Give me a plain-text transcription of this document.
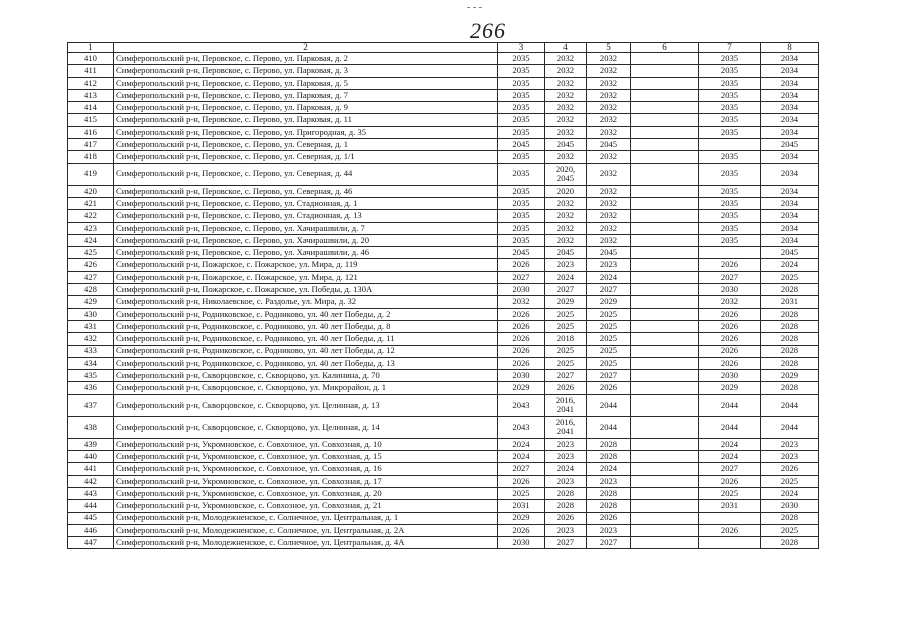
- - -
266
1	2	3	4	5	6	7	8
410	Симферопольский р-н, Перовское, с. Перово, ул. Парковая, д. 2	2035	2032	2032		2035	2034
411	Симферопольский р-н, Перовское, с. Перово, ул. Парковая, д. 3	2035	2032	2032		2035	2034
412	Симферопольский р-н, Перовское, с. Перово, ул. Парковая, д. 5	2035	2032	2032		2035	2034
413	Симферопольский р-н, Перовское, с. Перово, ул. Парковая, д. 7	2035	2032	2032		2035	2034
414	Симферопольский р-н, Перовское, с. Перово, ул. Парковая, д. 9	2035	2032	2032		2035	2034
415	Симферопольский р-н, Перовское, с. Перово, ул. Парковая, д. 11	2035	2032	2032		2035	2034
416	Симферопольский р-н, Перовское, с. Перово, ул. Пригородная, д. 35	2035	2032	2032		2035	2034
417	Симферопольский р-н, Перовское, с. Перово, ул. Северная, д. 1	2045	2045	2045			2045
418	Симферопольский р-н, Перовское, с. Перово, ул. Северная, д. 1/1	2035	2032	2032		2035	2034
419	Симферопольский р-н, Перовское, с. Перово, ул. Северная, д. 44	2035	2020,
2045	2032		2035	2034
420	Симферопольский р-н, Перовское, с. Перово, ул. Северная, д. 46	2035	2020	2032		2035	2034
421	Симферопольский р-н, Перовское, с. Перово, ул. Стадионная, д. 1	2035	2032	2032		2035	2034
422	Симферопольский р-н, Перовское, с. Перово, ул. Стадионная, д. 13	2035	2032	2032		2035	2034
423	Симферопольский р-н, Перовское, с. Перово, ул. Хачирашвили, д. 7	2035	2032	2032		2035	2034
424	Симферопольский р-н, Перовское, с. Перово, ул. Хачирашвили, д. 20	2035	2032	2032		2035	2034
425	Симферопольский р-н, Перовское, с. Перово, ул. Хачирашвили, д. 46	2045	2045	2045			2045
426	Симферопольский р-н, Пожарское, с. Пожарское, ул. Мира, д. 119	2026	2023	2023		2026	2024
427	Симферопольский р-н, Пожарское, с. Пожарское, ул. Мира, д. 121	2027	2024	2024		2027	2025
428	Симферопольский р-н, Пожарское, с. Пожарское, ул. Победы, д. 130А	2030	2027	2027		2030	2028
429	Симферопольский р-н, Николаевское, с. Раздолье, ул. Мира, д. 32	2032	2029	2029		2032	2031
430	Симферопольский р-н, Родниковское, с. Родниково, ул. 40 лет Победы, д. 2	2026	2025	2025		2026	2028
431	Симферопольский р-н, Родниковское, с. Родниково, ул. 40 лет Победы, д. 8	2026	2025	2025		2026	2028
432	Симферопольский р-н, Родниковское, с. Родниково, ул. 40 лет Победы, д. 11	2026	2018	2025		2026	2028
433	Симферопольский р-н, Родниковское, с. Родниково, ул. 40 лет Победы, д. 12	2026	2025	2025		2026	2028
434	Симферопольский р-н, Родниковское, с. Родниково, ул. 40 лет Победы, д. 13	2026	2025	2025		2026	2028
435	Симферопольский р-н, Скворцовское, с. Скворцово, ул. Калинина, д. 70	2030	2027	2027		2030	2029
436	Симферопольский р-н, Скворцовское, с. Скворцово, ул. Микрорайон, д. 1	2029	2026	2026		2029	2028
437	Симферопольский р-н, Скворцовское, с. Скворцово, ул. Целинная, д. 13	2043	2016,
2041	2044		2044	2044
438	Симферопольский р-н, Скворцовское, с. Скворцово, ул. Целинная, д. 14	2043	2016,
2041	2044		2044	2044
439	Симферопольский р-н, Укромновское, с. Совхозное, ул. Совхозная, д. 10	2024	2023	2028		2024	2023
440	Симферопольский р-н, Укромновское, с. Совхозное, ул. Совхозная, д. 15	2024	2023	2028		2024	2023
441	Симферопольский р-н, Укромновское, с. Совхозное, ул. Совхозная, д. 16	2027	2024	2024		2027	2026
442	Симферопольский р-н, Укромновское, с. Совхозное, ул. Совхозная, д. 17	2026	2023	2023		2026	2025
443	Симферопольский р-н, Укромновское, с. Совхозное, ул. Совхозная, д. 20	2025	2028	2028		2025	2024
444	Симферопольский р-н, Укромновское, с. Совхозное, ул. Совхозная, д. 21	2031	2028	2028		2031	2030
445	Симферопольский р-н, Молодежненское, с. Солнечное, ул. Центральная, д. 1	2029	2026	2026			2028
446	Симферопольский р-н, Молодежненское, с. Солнечное, ул. Центральная, д. 2А	2026	2023	2023		2026	2025
447	Симферопольский р-н, Молодежненское, с. Солнечное, ул. Центральная, д. 4А	2030	2027	2027			2028
